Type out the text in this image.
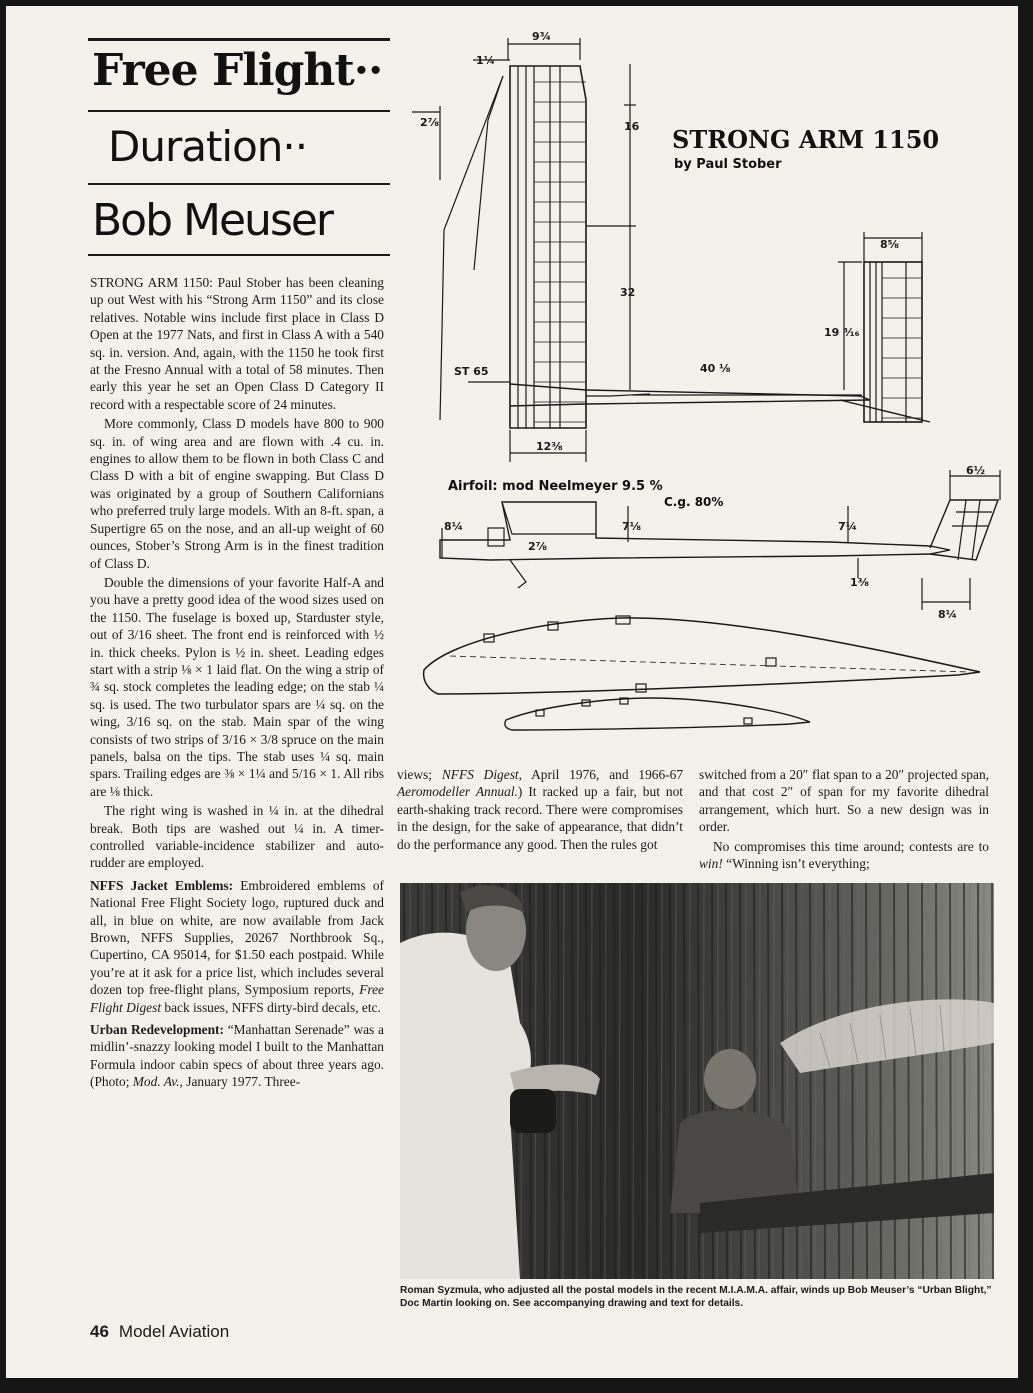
Free Flight··
Duration··
Bob Meuser

STRONG ARM 1150: Paul Stober has been cleaning up out West with his “Strong Arm 1150” and its close relatives. Notable wins include first place in Class D Open at the 1977 Nats, and first in Class A with a 540 sq. in. version. And, again, with the 1150 he took first at the Fresno Annual with a total of 58 minutes. Then early this year he set an Open Class D Category II record with a respectable score of 24 minutes.

More commonly, Class D models have 800 to 900 sq. in. of wing area and are flown with .4 cu. in. engines to allow them to be flown in both Class C and Class D with a bit of engine swapping. But Class D was originated by a group of Southern Californians who preferred truly large models. With an 8-ft. span, a Supertigre 65 on the nose, and an all-up weight of 60 ounces, Stober’s Strong Arm is in the finest tradition of Class D.

Double the dimensions of your favorite Half-A and you have a pretty good idea of the wood sizes used on the 1150. The fuselage is boxed up, Starduster style, out of 3/16 sheet. The front end is reinforced with ½ in. thick cheeks. Pylon is ½ in. sheet. Leading edges start with a strip ⅛ × 1 laid flat. On the wing a strip of ¾ sq. stock completes the leading edge; on the stab ¼ sq. is used. The two turbulator spars are ¼ sq. on the wing, 3/16 sq. on the stab. Main spar of the wing consists of two strips of 3/16 × 3/8 spruce on the main panels, balsa on the tips. The stab uses ¼ sq. main spars. Trailing edges are ⅜ × 1¼ and 5/16 × 1. All ribs are ⅛ thick.

The right wing is washed in ¼ in. at the dihedral break. Both tips are washed out ¼ in. A timer-controlled variable-incidence stabilizer and auto-rudder are employed.

NFFS Jacket Emblems: Embroidered emblems of National Free Flight Society logo, ruptured duck and all, in blue on white, are now available from Jack Brown, NFFS Supplies, 20267 Northbrook Sq., Cupertino, CA 95014, for $1.50 each postpaid. While you’re at it ask for a price list, which includes several dozen top free-flight plans, Symposium reports, Free Flight Digest back issues, NFFS dirty-bird decals, etc.

Urban Redevelopment: “Manhattan Serenade” was a midlin’-snazzy looking model I built to the Manhattan Formula indoor cabin specs of about three years ago. (Photo; Mod. Av., January 1977. Three-

views; NFFS Digest, April 1976, and 1966-67 Aeromodeller Annual.) It racked up a fair, but not earth-shaking track record. There were compromises in the design, for the sake of appearance, that didn’t do the performance any good. Then the rules got

switched from a 20″ flat span to a 20″ projected span, and that cost 2″ of span for my favorite dihedral arrangement, which hurt. So a new design was in order.

No compromises this time around; contests are to win! “Winning isn’t everything;

9¾
1¼
2⅞	16
32
ST 65
12⅜
40 ⅛
8⅝
19 ³⁄₁₆
6½
8¼	7⅛
2⅞
7¼
1⅜
8¼
STRONG ARM 1150
by Paul Stober
Airfoil: mod Neelmeyer 9.5 %
C.g. 80%
Roman Syzmula, who adjusted all the postal models in the recent M.I.A.M.A. affair, winds up Bob Meuser’s “Urban Blight,” Doc Martin looking on. See accompanying drawing and text for details.
46 Model Aviation
